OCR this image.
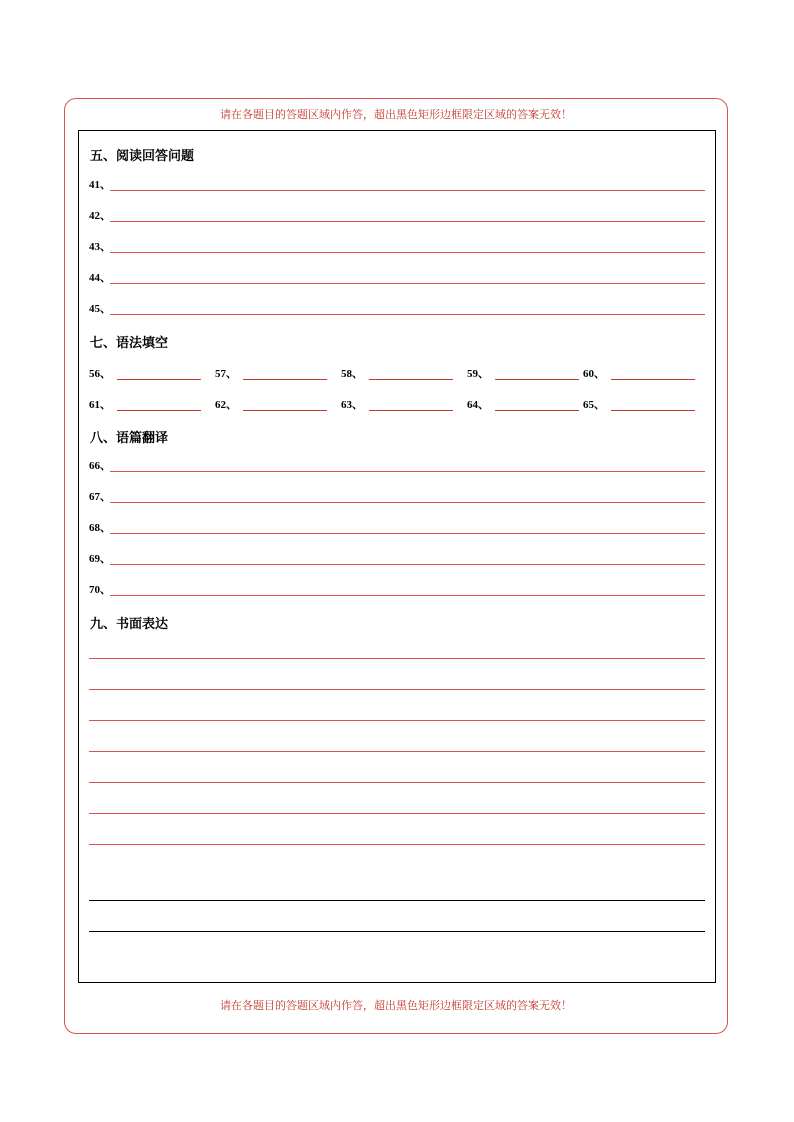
请在各题目的答题区域内作答，超出黑色矩形边框限定区域的答案无效！
五、阅读回答问题
41、
42、
43、
44、
45、
七、语法填空
56、	57、	58、	59、	60、
61、	62、	63、	64、	65、
八、语篇翻译
66、
67、
68、
69、
70、
九、书面表达
请在各题目的答题区域内作答，超出黑色矩形边框限定区域的答案无效！
